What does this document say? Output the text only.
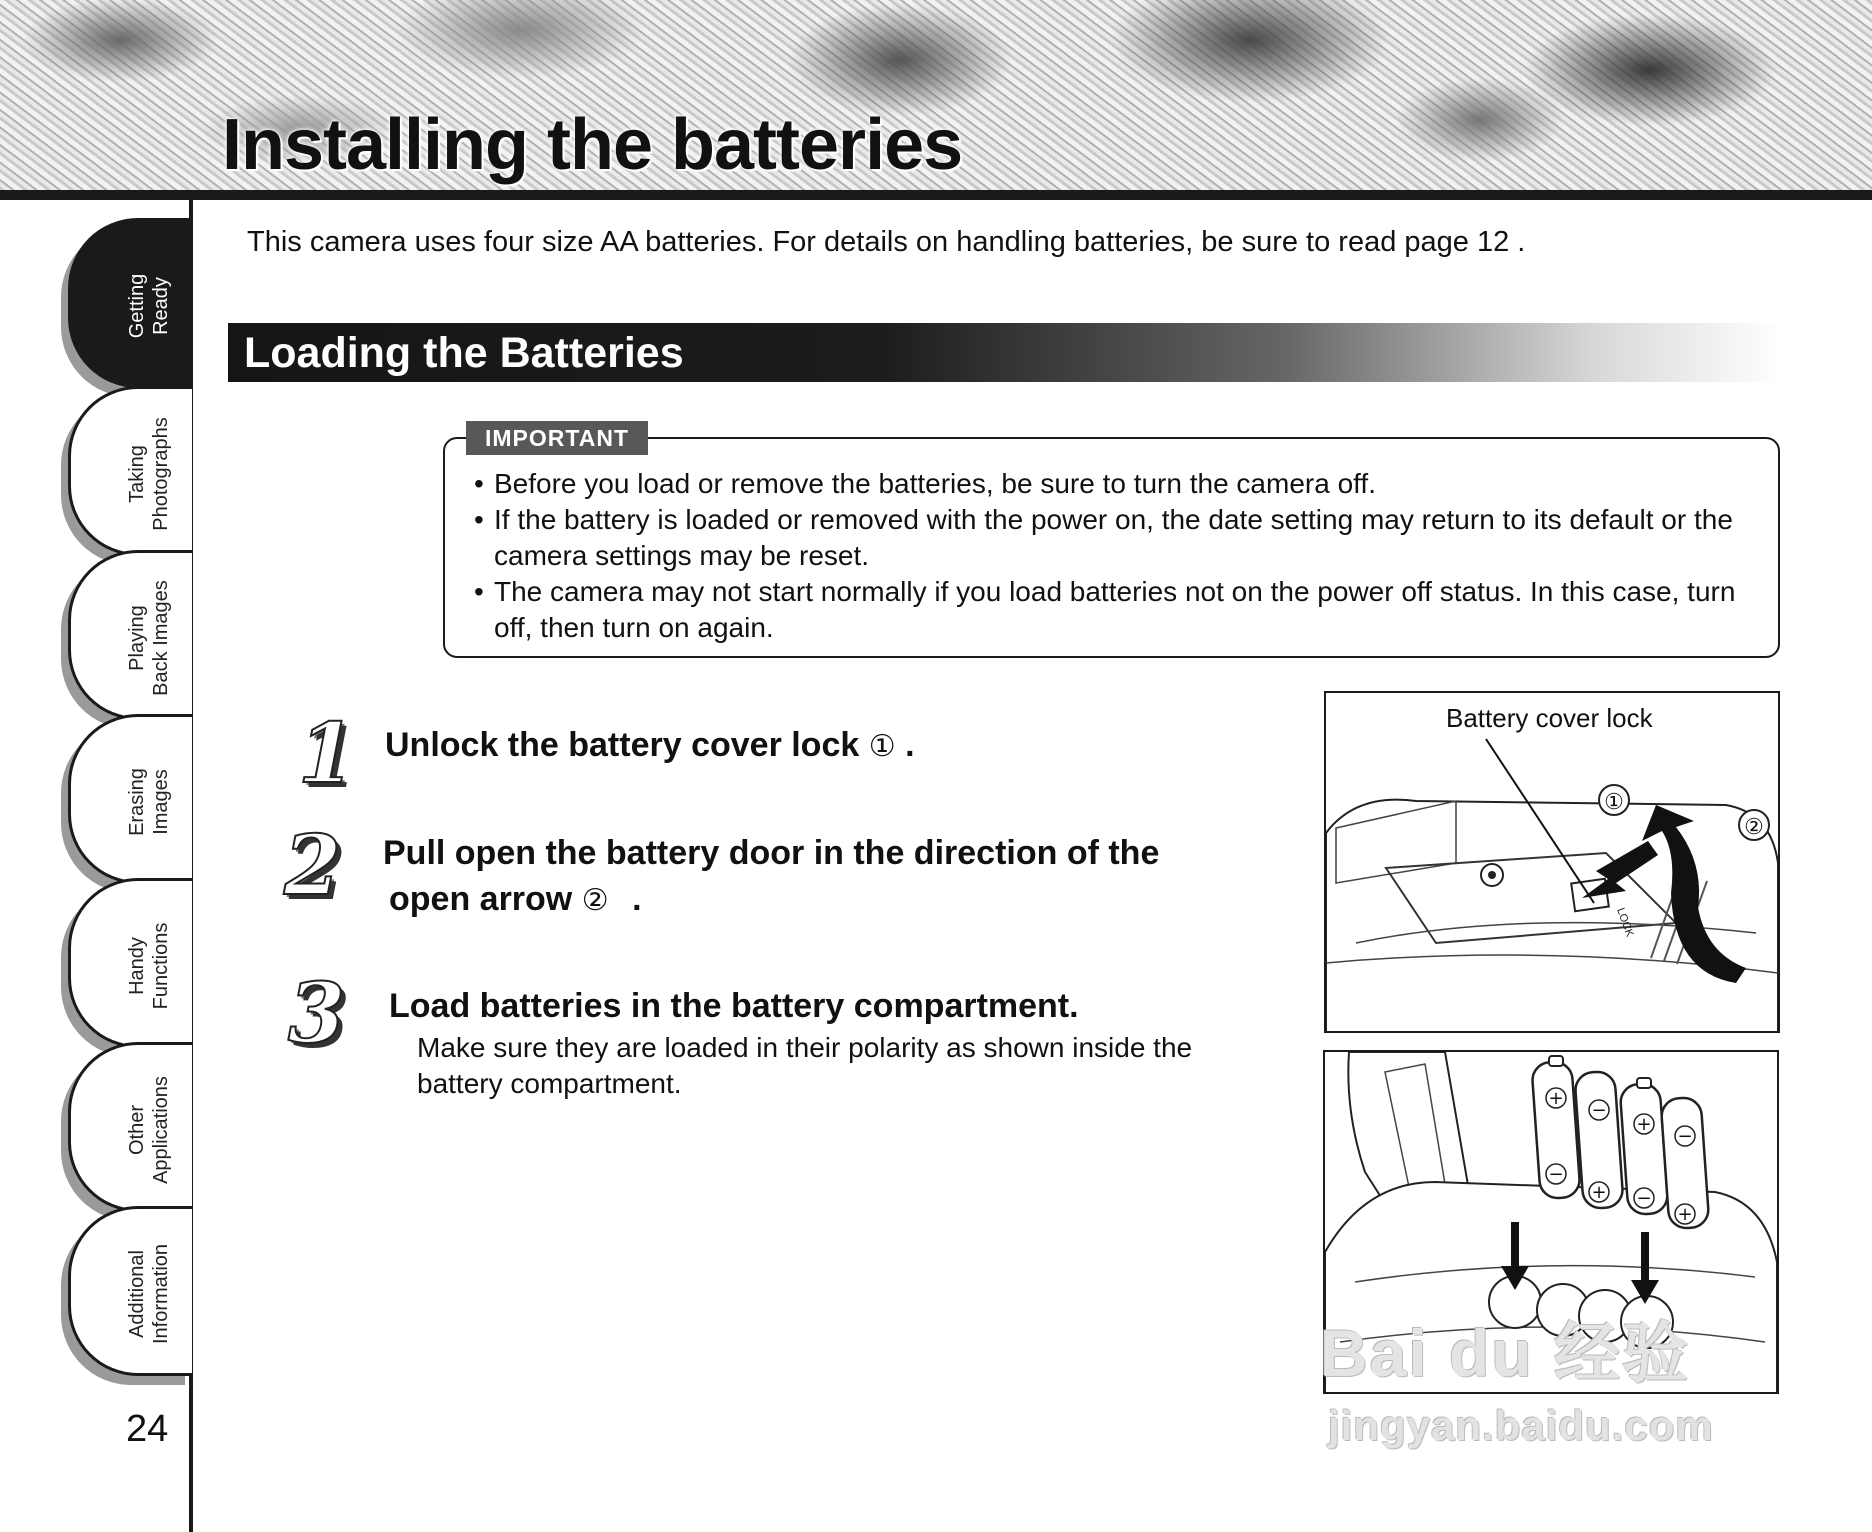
Installing the batteries
Getting
Ready
Taking
Photographs
Playing
Back Images
Erasing
Images
Handy
Functions
Other
Applications
Additional
Information
24

This camera uses four size AA batteries. For details on handling batteries, be sure to read page 12 .

Loading the Batteries
IMPORTANT
• Before you load or remove the batteries, be sure to turn the camera off.
• If the battery is loaded or removed with the power on, the date setting may return to its default or the camera settings may be reset.
• The camera may not start normally if you load batteries not on the power off status. In this case, turn off, then turn on again.
1 Unlock the battery cover lock ① .
2 Pull open the battery door in the direction of the
open arrow ② .
3 Load batteries in the battery compartment.

Make sure they are loaded in their polarity as shown inside the battery compartment.

Battery cover lock
LOCK
①
②
+
−
−
+
+
−
−
+
Bai du 经验
jingyan.baidu.com
